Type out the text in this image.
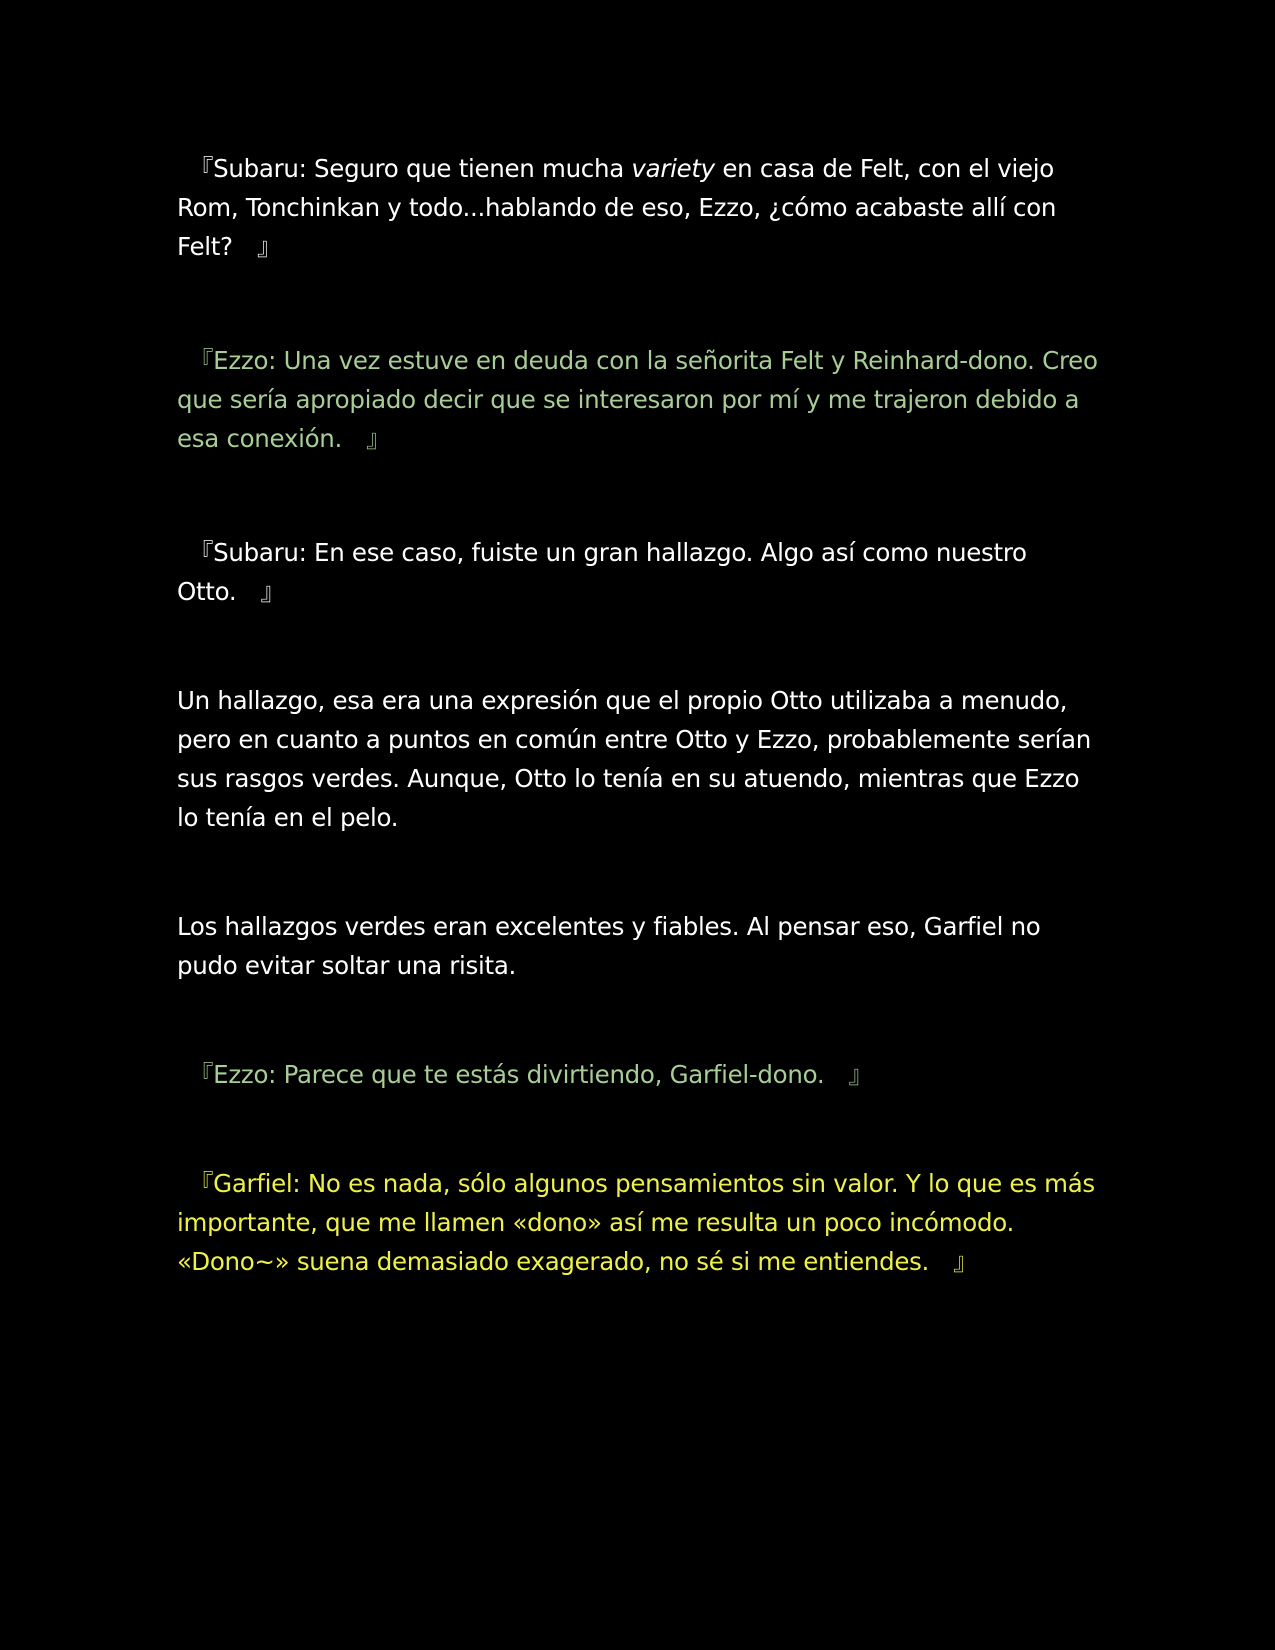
　『Subaru: Seguro que tienen mucha variety en casa de Felt, con el viejo Rom, Tonchinkan y todo...hablando de eso, Ezzo, ¿cómo acabaste allí con Felt?　』

　『Ezzo: Una vez estuve en deuda con la señorita Felt y Reinhard-dono. Creo que sería apropiado decir que se interesaron por mí y me trajeron debido a esa conexión.　』

　『Subaru: En ese caso, fuiste un gran hallazgo. Algo así como nuestro Otto.　』

Un hallazgo, esa era una expresión que el propio Otto utilizaba a menudo, pero en cuanto a puntos en común entre Otto y Ezzo, probablemente serían sus rasgos verdes. Aunque, Otto lo tenía en su atuendo, mientras que Ezzo lo tenía en el pelo.

Los hallazgos verdes eran excelentes y fiables. Al pensar eso, Garfiel no pudo evitar soltar una risita.

　『Ezzo: Parece que te estás divirtiendo, Garfiel-dono.　』

　『Garfiel: No es nada, sólo algunos pensamientos sin valor. Y lo que es más importante, que me llamen «dono» así me resulta un poco incómodo. «Dono~» suena demasiado exagerado, no sé si me entiendes.　』
